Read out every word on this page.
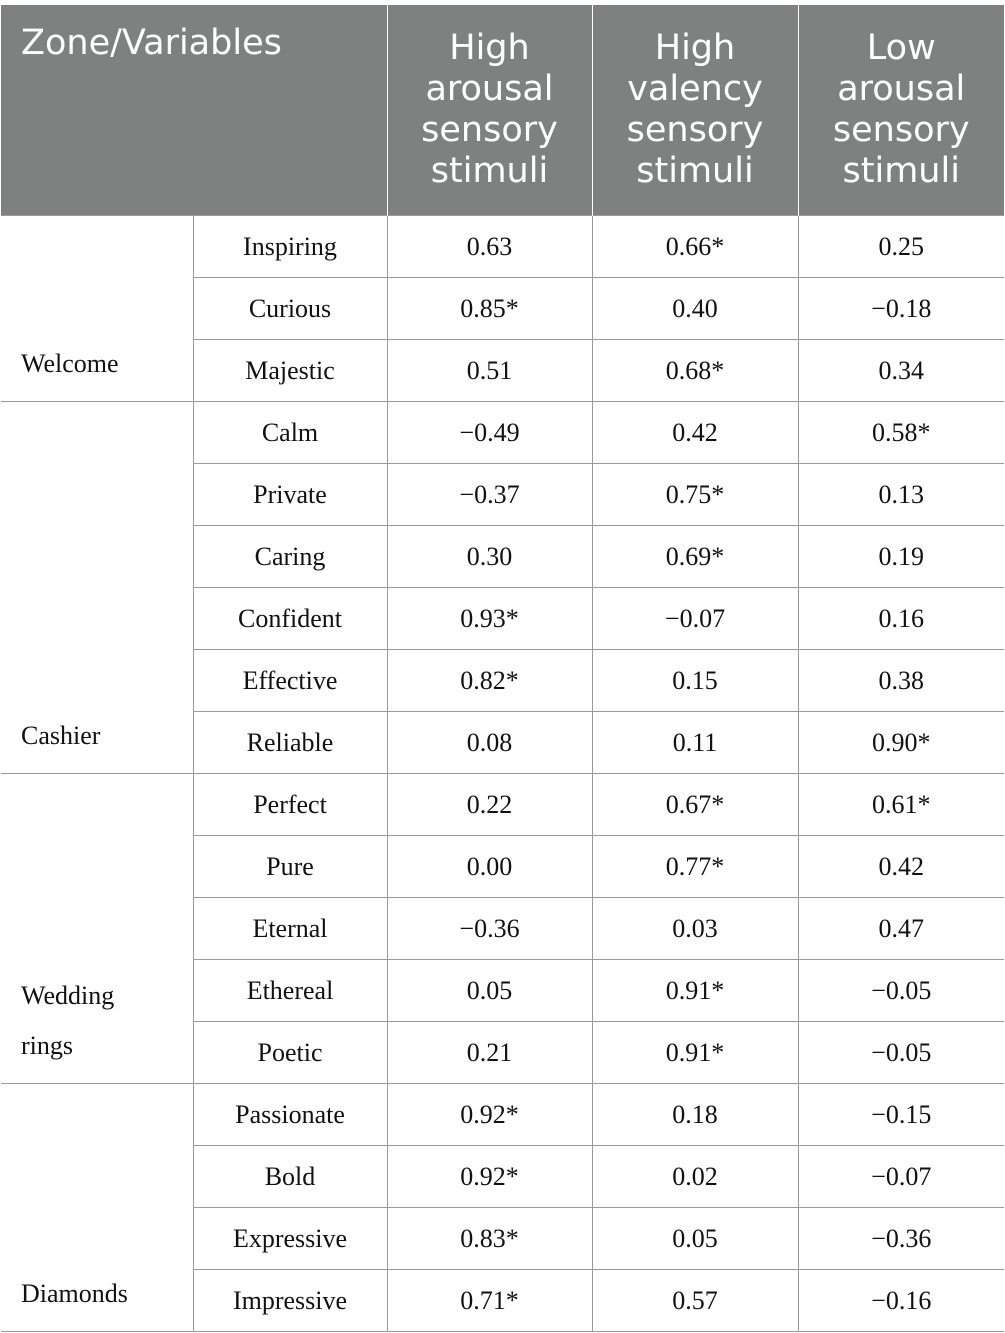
Zone/Variables		High
arousal
sensory
stimuli	High
valency
sensory
stimuli	Low
arousal
sensory
stimuli

Welcome	Inspiring	0.63	0.66*	0.25
	Curious	0.85*	0.40	−0.18
	Majestic	0.51	0.68*	0.34

Cashier	Calm	−0.49	0.42	0.58*
	Private	−0.37	0.75*	0.13
	Caring	0.30	0.69*	0.19
	Confident	0.93*	−0.07	0.16
	Effective	0.82*	0.15	0.38
	Reliable	0.08	0.11	0.90*

Wedding
rings	Perfect	0.22	0.67*	0.61*
	Pure	0.00	0.77*	0.42
	Eternal	−0.36	0.03	0.47
	Ethereal	0.05	0.91*	−0.05
	Poetic	0.21	0.91*	−0.05

Diamonds	Passionate	0.92*	0.18	−0.15
	Bold	0.92*	0.02	−0.07
	Expressive	0.83*	0.05	−0.36
	Impressive	0.71*	0.57	−0.16
